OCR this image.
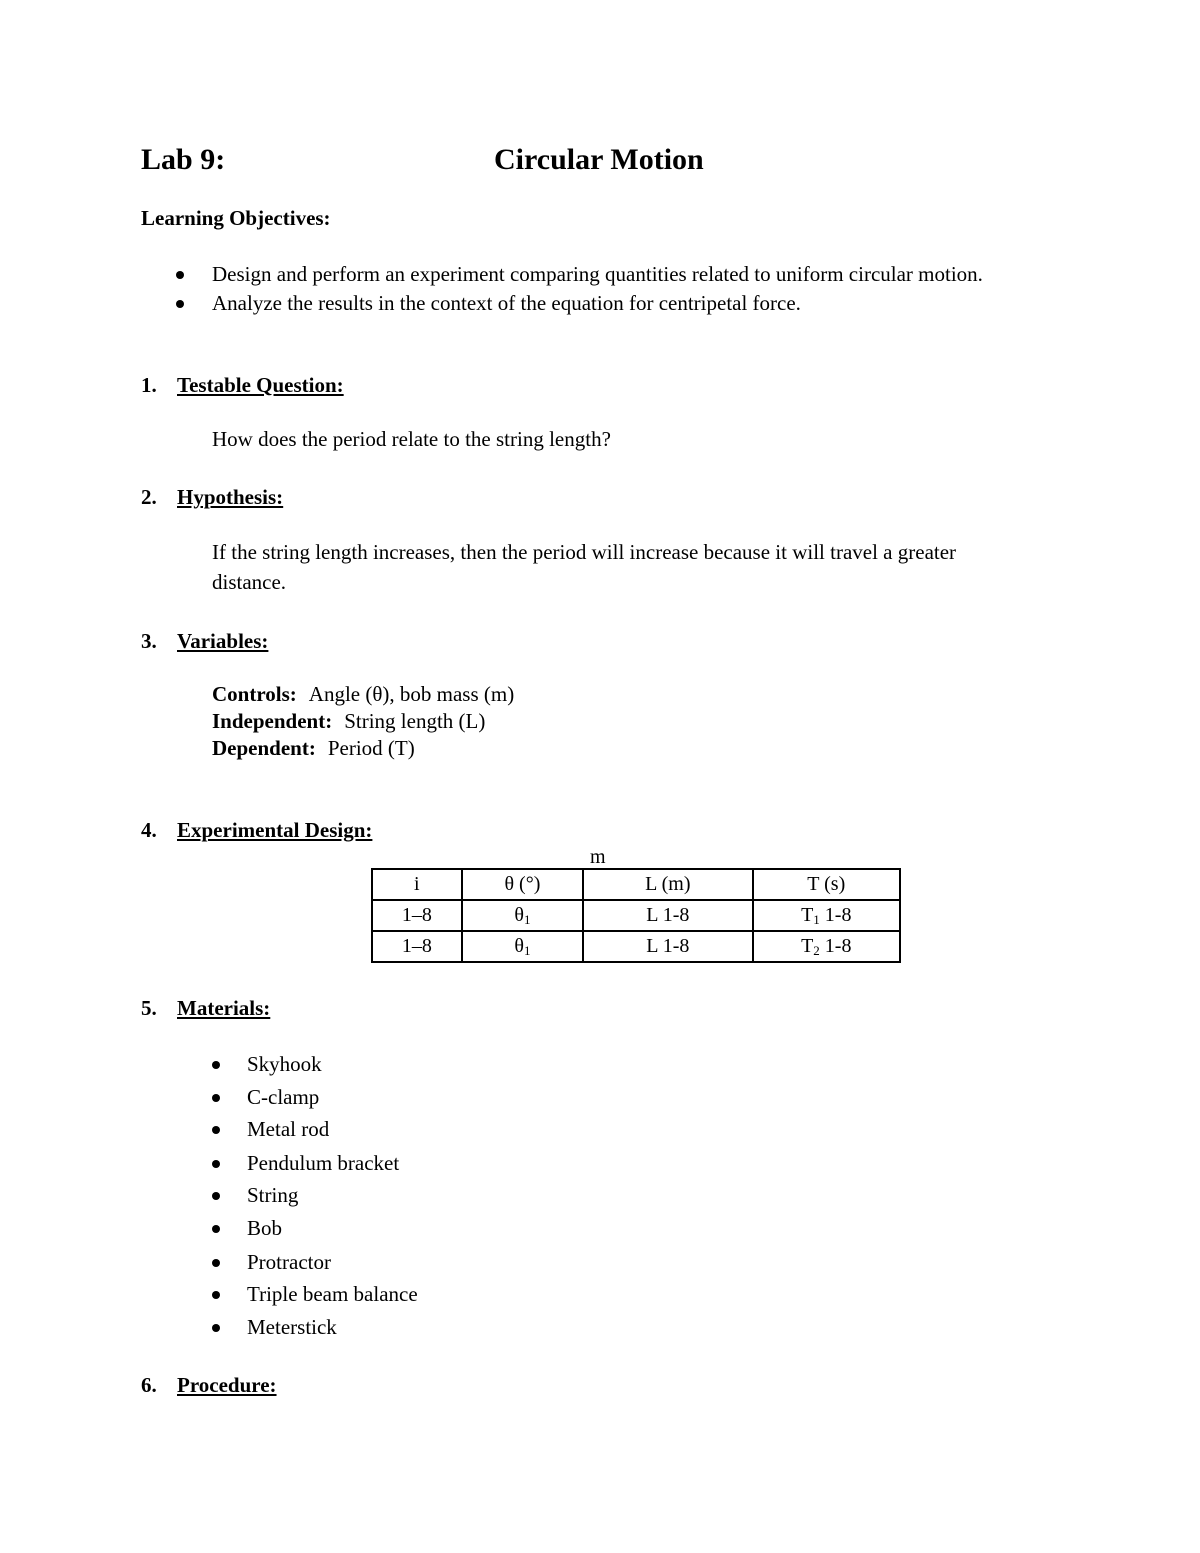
Lab 9:	Circular Motion
Learning Objectives:
Design and perform an experiment comparing quantities related to uniform circular motion.
Analyze the results in the context of the equation for centripetal force.
1. Testable Question:
How does the period relate to the string length?
2. Hypothesis:
If the string length increases, then the period will increase because it will travel a greater
distance.
3. Variables:
Controls: Angle (θ), bob mass (m)
Independent: String length (L)
Dependent: Period (T)
4. Experimental Design:
m
i	θ (°)	L (m)	T (s)
1–8	$\theta_1$	L 1-8	$T_1$ 1-8
1–8	$\theta_1$	L 1-8	$T_2$ 1-8
5. Materials:
Skyhook
C-clamp
Metal rod
Pendulum bracket
String
Bob
Protractor
Triple beam balance
Meterstick
6. Procedure:
